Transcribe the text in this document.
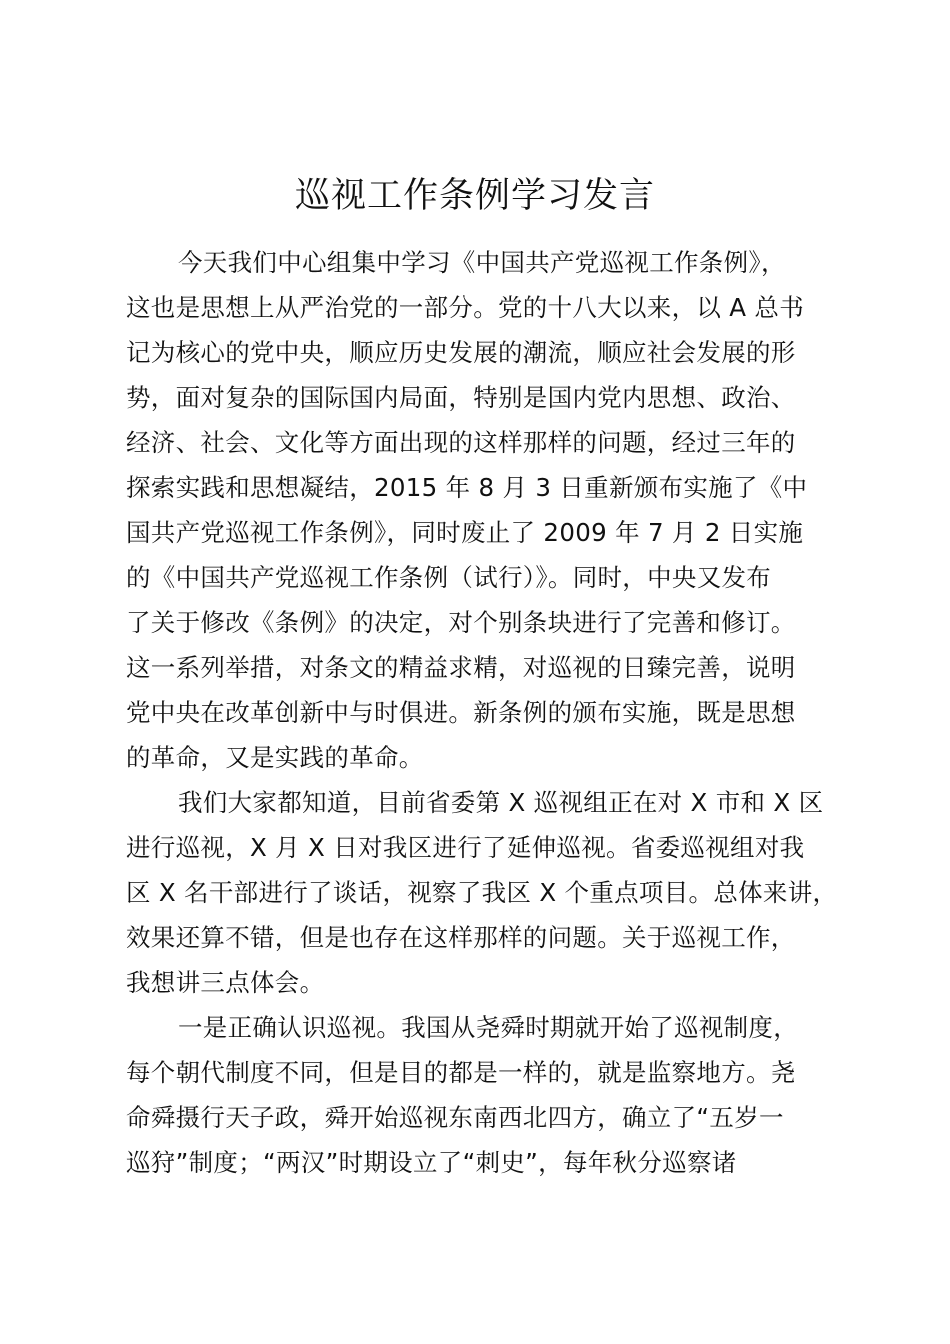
巡视工作条例学习发言
今天我们中心组集中学习《中国共产党巡视工作条例》，
这也是思想上从严治党的一部分。党的十八大以来，以 A 总书
记为核心的党中央，顺应历史发展的潮流，顺应社会发展的形
势，面对复杂的国际国内局面，特别是国内党内思想、政治、
经济、社会、文化等方面出现的这样那样的问题，经过三年的
探索实践和思想凝结，2015 年 8 月 3 日重新颁布实施了《中
国共产党巡视工作条例》，同时废止了 2009 年 7 月 2 日实施
的《中国共产党巡视工作条例（试行）》。同时，中央又发布
了关于修改《条例》的决定，对个别条块进行了完善和修订。
这一系列举措，对条文的精益求精，对巡视的日臻完善，说明
党中央在改革创新中与时俱进。新条例的颁布实施，既是思想
的革命，又是实践的革命。
我们大家都知道，目前省委第 X 巡视组正在对 X 市和 X 区
进行巡视，X 月 X 日对我区进行了延伸巡视。省委巡视组对我
区 X 名干部进行了谈话，视察了我区 X 个重点项目。总体来讲，
效果还算不错，但是也存在这样那样的问题。关于巡视工作，
我想讲三点体会。
一是正确认识巡视。我国从尧舜时期就开始了巡视制度，
每个朝代制度不同，但是目的都是一样的，就是监察地方。尧
命舜摄行天子政，舜开始巡视东南西北四方，确立了“五岁一
巡狩”制度；“两汉”时期设立了“刺史”，每年秋分巡察诸
